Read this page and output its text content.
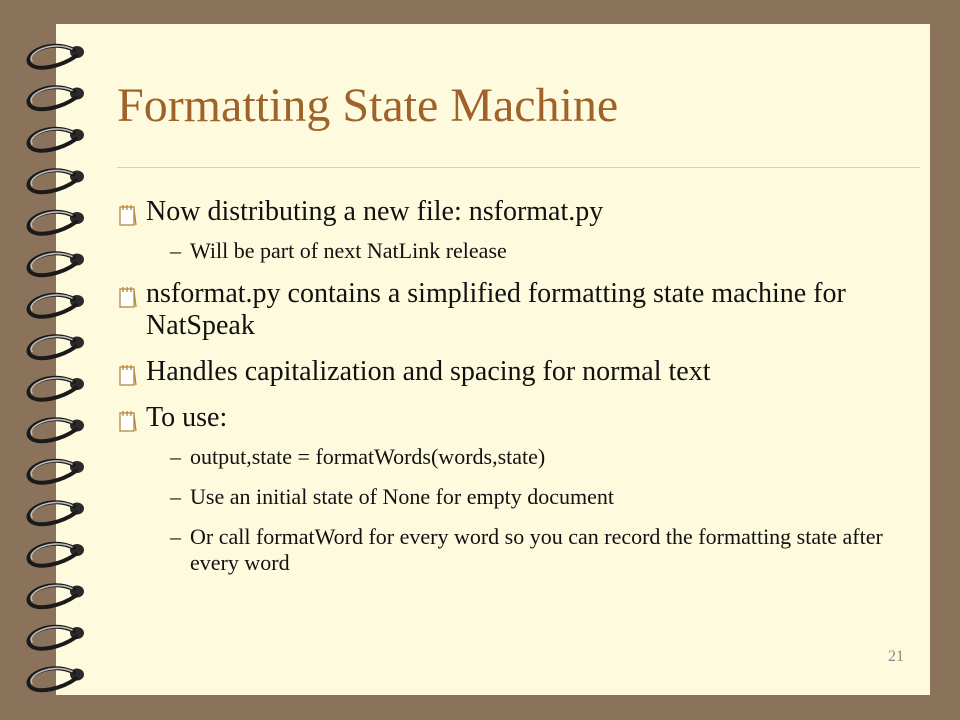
Formatting State Machine
Now distributing a new file: nsformat.py
– Will be part of next NatLink release
nsformat.py contains a simplified formatting state machine for NatSpeak
Handles capitalization and spacing for normal text
To use:
– output,state = formatWords(words,state)
– Use an initial state of None for empty document
– Or call formatWord for every word so you can record the formatting state after every word
21
